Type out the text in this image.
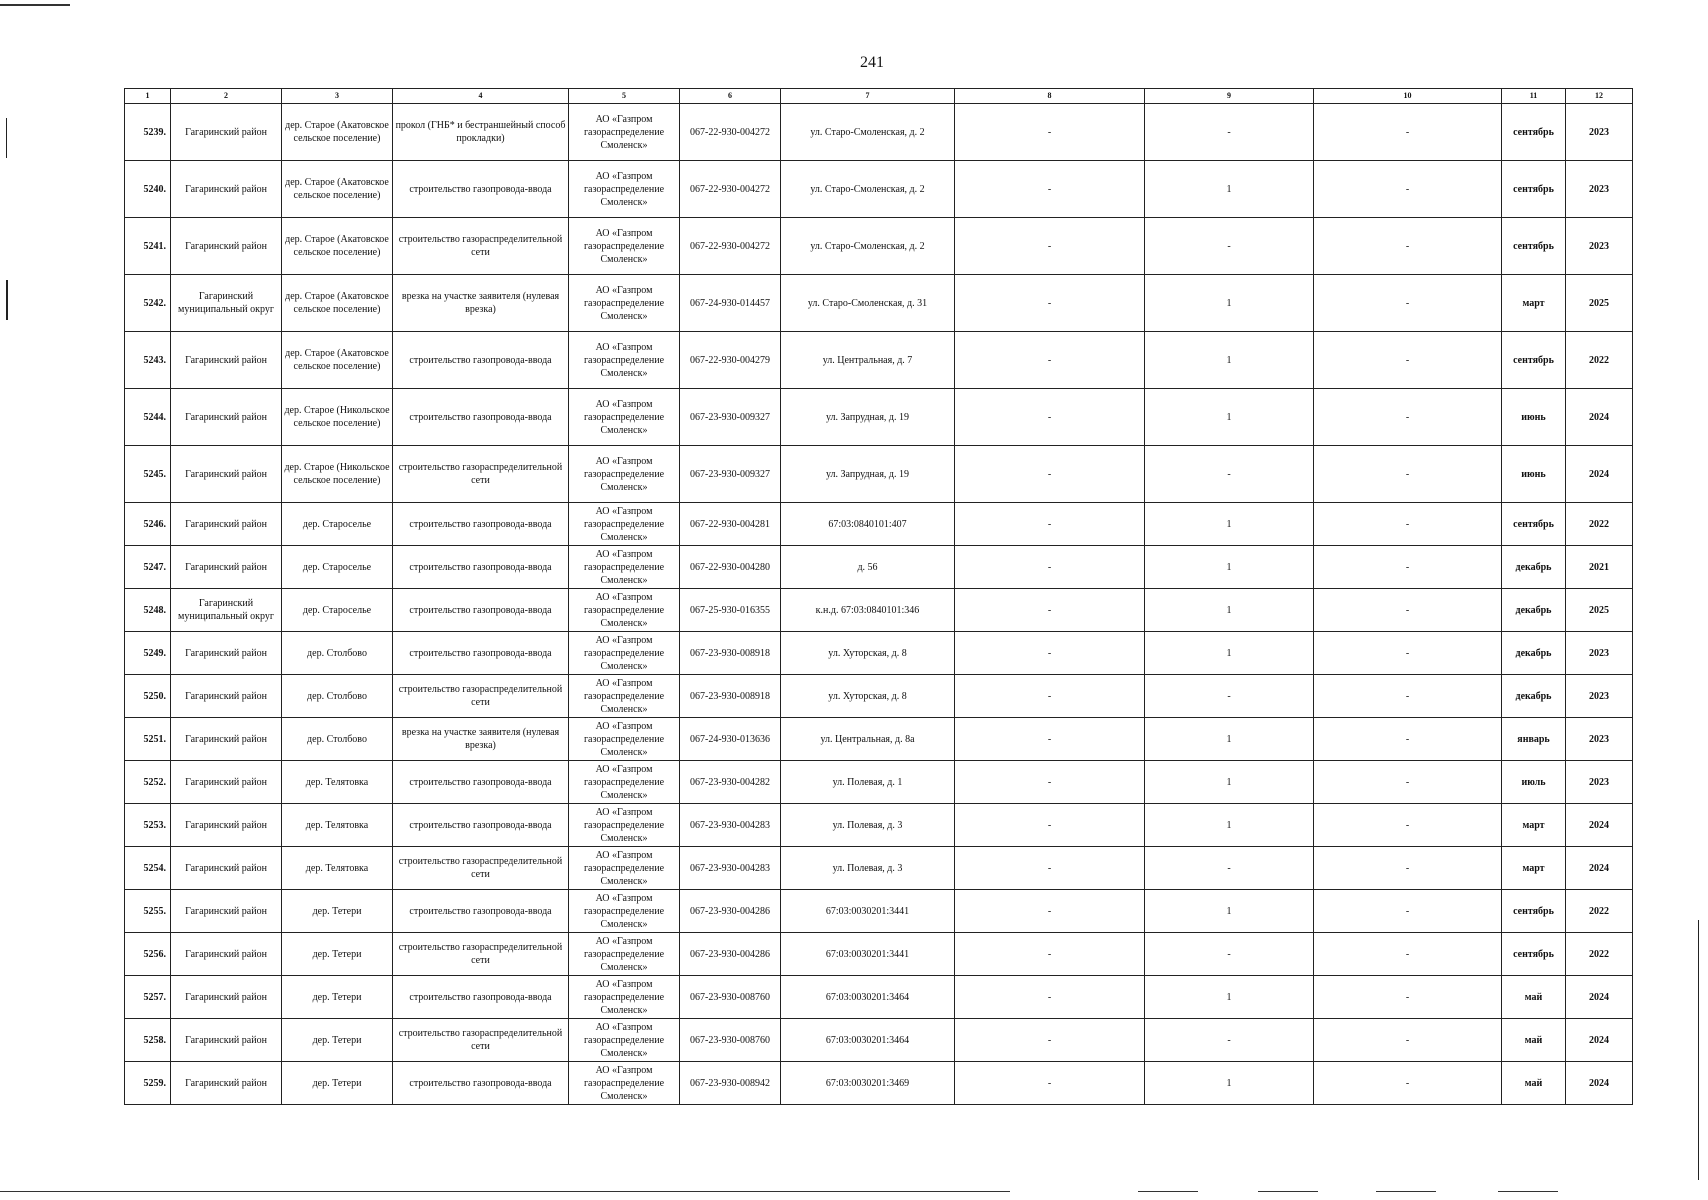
241
1	2	3	4	5	6	7	8	9	10	11	12
5239.	Гагаринский район	дер. Старое (Акатовское сельское поселение)	прокол (ГНБ* и бестраншейный способ прокладки)	АО «Газпром газораспределение Смоленск»	067-22-930-004272	ул. Старо-Смоленская, д. 2	-	-	-	сентябрь	2023
5240.	Гагаринский район	дер. Старое (Акатовское сельское поселение)	строительство газопровода-ввода	АО «Газпром газораспределение Смоленск»	067-22-930-004272	ул. Старо-Смоленская, д. 2	-	1	-	сентябрь	2023
5241.	Гагаринский район	дер. Старое (Акатовское сельское поселение)	строительство газораспределительной сети	АО «Газпром газораспределение Смоленск»	067-22-930-004272	ул. Старо-Смоленская, д. 2	-	-	-	сентябрь	2023
5242.	Гагаринский муниципальный округ	дер. Старое (Акатовское сельское поселение)	врезка на участке заявителя (нулевая врезка)	АО «Газпром газораспределение Смоленск»	067-24-930-014457	ул. Старо-Смоленская, д. 31	-	1	-	март	2025
5243.	Гагаринский район	дер. Старое (Акатовское сельское поселение)	строительство газопровода-ввода	АО «Газпром газораспределение Смоленск»	067-22-930-004279	ул. Центральная, д. 7	-	1	-	сентябрь	2022
5244.	Гагаринский район	дер. Старое (Никольское сельское поселение)	строительство газопровода-ввода	АО «Газпром газораспределение Смоленск»	067-23-930-009327	ул. Запрудная, д. 19	-	1	-	июнь	2024
5245.	Гагаринский район	дер. Старое (Никольское сельское поселение)	строительство газораспределительной сети	АО «Газпром газораспределение Смоленск»	067-23-930-009327	ул. Запрудная, д. 19	-	-	-	июнь	2024
5246.	Гагаринский район	дер. Староселье	строительство газопровода-ввода	АО «Газпром газораспределение Смоленск»	067-22-930-004281	67:03:0840101:407	-	1	-	сентябрь	2022
5247.	Гагаринский район	дер. Староселье	строительство газопровода-ввода	АО «Газпром газораспределение Смоленск»	067-22-930-004280	д. 56	-	1	-	декабрь	2021
5248.	Гагаринский муниципальный округ	дер. Староселье	строительство газопровода-ввода	АО «Газпром газораспределение Смоленск»	067-25-930-016355	к.н.д. 67:03:0840101:346	-	1	-	декабрь	2025
5249.	Гагаринский район	дер. Столбово	строительство газопровода-ввода	АО «Газпром газораспределение Смоленск»	067-23-930-008918	ул. Хуторская, д. 8	-	1	-	декабрь	2023
5250.	Гагаринский район	дер. Столбово	строительство газораспределительной сети	АО «Газпром газораспределение Смоленск»	067-23-930-008918	ул. Хуторская, д. 8	-	-	-	декабрь	2023
5251.	Гагаринский район	дер. Столбово	врезка на участке заявителя (нулевая врезка)	АО «Газпром газораспределение Смоленск»	067-24-930-013636	ул. Центральная, д. 8а	-	1	-	январь	2023
5252.	Гагаринский район	дер. Телятовка	строительство газопровода-ввода	АО «Газпром газораспределение Смоленск»	067-23-930-004282	ул. Полевая, д. 1	-	1	-	июль	2023
5253.	Гагаринский район	дер. Телятовка	строительство газопровода-ввода	АО «Газпром газораспределение Смоленск»	067-23-930-004283	ул. Полевая, д. 3	-	1	-	март	2024
5254.	Гагаринский район	дер. Телятовка	строительство газораспределительной сети	АО «Газпром газораспределение Смоленск»	067-23-930-004283	ул. Полевая, д. 3	-	-	-	март	2024
5255.	Гагаринский район	дер. Тетери	строительство газопровода-ввода	АО «Газпром газораспределение Смоленск»	067-23-930-004286	67:03:0030201:3441	-	1	-	сентябрь	2022
5256.	Гагаринский район	дер. Тетери	строительство газораспределительной сети	АО «Газпром газораспределение Смоленск»	067-23-930-004286	67:03:0030201:3441	-	-	-	сентябрь	2022
5257.	Гагаринский район	дер. Тетери	строительство газопровода-ввода	АО «Газпром газораспределение Смоленск»	067-23-930-008760	67:03:0030201:3464	-	1	-	май	2024
5258.	Гагаринский район	дер. Тетери	строительство газораспределительной сети	АО «Газпром газораспределение Смоленск»	067-23-930-008760	67:03:0030201:3464	-	-	-	май	2024
5259.	Гагаринский район	дер. Тетери	строительство газопровода-ввода	АО «Газпром газораспределение Смоленск»	067-23-930-008942	67:03:0030201:3469	-	1	-	май	2024
